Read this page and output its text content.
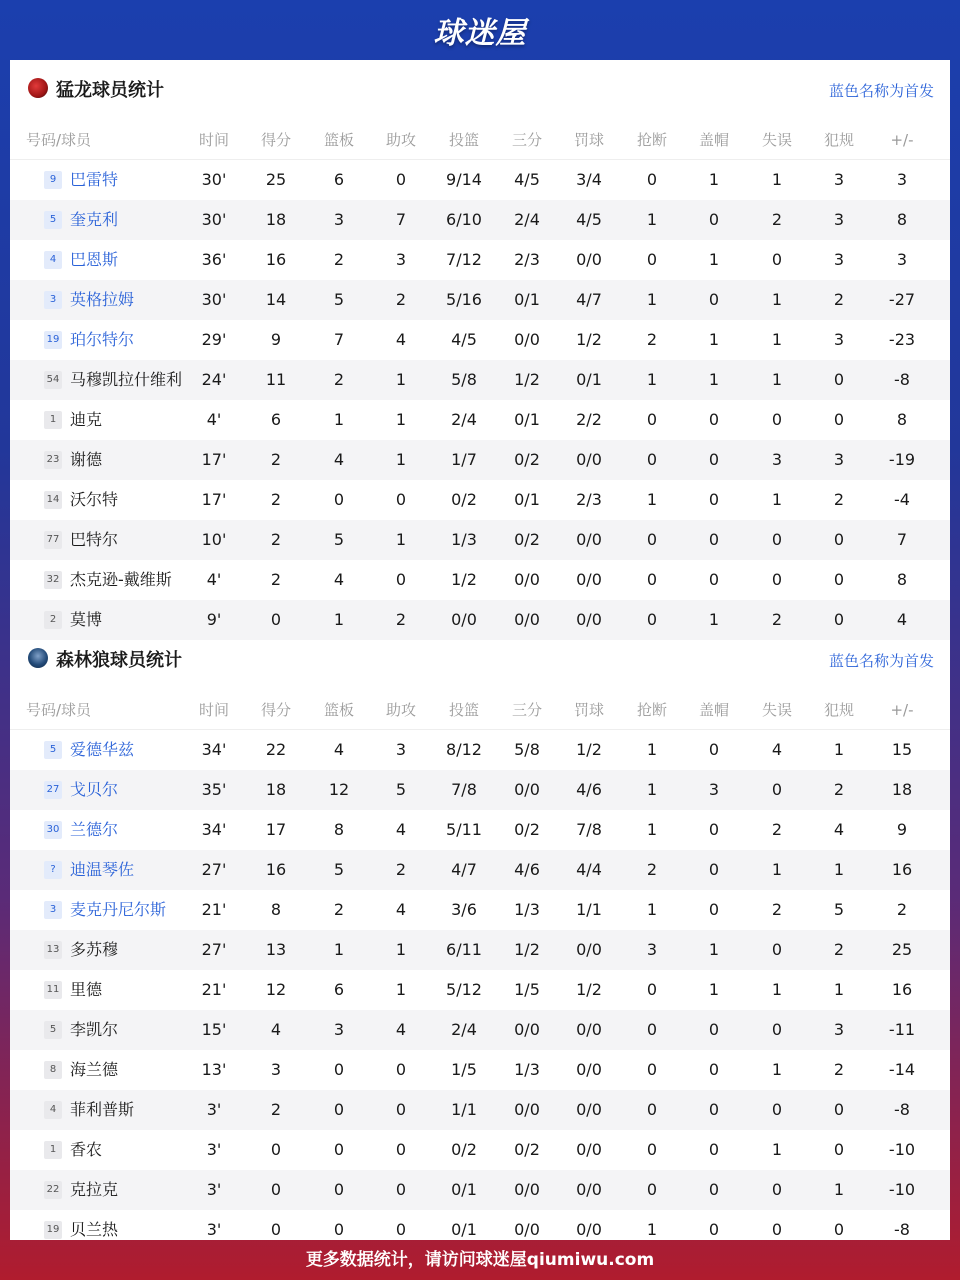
球迷屋
猛龙球员统计	蓝色名称为首发
号码/球员	时间	得分	篮板	助攻	投篮	三分	罚球	抢断	盖帽	失误	犯规	+/-
9 巴雷特	30'	25	6	0	9/14	4/5	3/4	0	1	1	3	3
5 奎克利	30'	18	3	7	6/10	2/4	4/5	1	0	2	3	8
4 巴恩斯	36'	16	2	3	7/12	2/3	0/0	0	1	0	3	3
3 英格拉姆	30'	14	5	2	5/16	0/1	4/7	1	0	1	2	-27
19 珀尔特尔	29'	9	7	4	4/5	0/0	1/2	2	1	1	3	-23
54 马穆凯拉什维利	24'	11	2	1	5/8	1/2	0/1	1	1	1	0	-8
1 迪克	4'	6	1	1	2/4	0/1	2/2	0	0	0	0	8
23 谢德	17'	2	4	1	1/7	0/2	0/0	0	0	3	3	-19
14 沃尔特	17'	2	0	0	0/2	0/1	2/3	1	0	1	2	-4
77 巴特尔	10'	2	5	1	1/3	0/2	0/0	0	0	0	0	7
32 杰克逊-戴维斯	4'	2	4	0	1/2	0/0	0/0	0	0	0	0	8
2 莫博	9'	0	1	2	0/0	0/0	0/0	0	1	2	0	4
森林狼球员统计	蓝色名称为首发
号码/球员	时间	得分	篮板	助攻	投篮	三分	罚球	抢断	盖帽	失误	犯规	+/-
5 爱德华兹	34'	22	4	3	8/12	5/8	1/2	1	0	4	1	15
27 戈贝尔	35'	18	12	5	7/8	0/0	4/6	1	3	0	2	18
30 兰德尔	34'	17	8	4	5/11	0/2	7/8	1	0	2	4	9
? 迪温琴佐	27'	16	5	2	4/7	4/6	4/4	2	0	1	1	16
3 麦克丹尼尔斯	21'	8	2	4	3/6	1/3	1/1	1	0	2	5	2
13 多苏穆	27'	13	1	1	6/11	1/2	0/0	3	1	0	2	25
11 里德	21'	12	6	1	5/12	1/5	1/2	0	1	1	1	16
5 李凯尔	15'	4	3	4	2/4	0/0	0/0	0	0	0	3	-11
8 海兰德	13'	3	0	0	1/5	1/3	0/0	0	0	1	2	-14
4 菲利普斯	3'	2	0	0	1/1	0/0	0/0	0	0	0	0	-8
1 香农	3'	0	0	0	0/2	0/2	0/0	0	0	1	0	-10
22 克拉克	3'	0	0	0	0/1	0/0	0/0	0	0	0	1	-10
19 贝兰热	3'	0	0	0	0/1	0/0	0/0	1	0	0	0	-8
更多数据统计，请访问球迷屋qiumiwu.com
